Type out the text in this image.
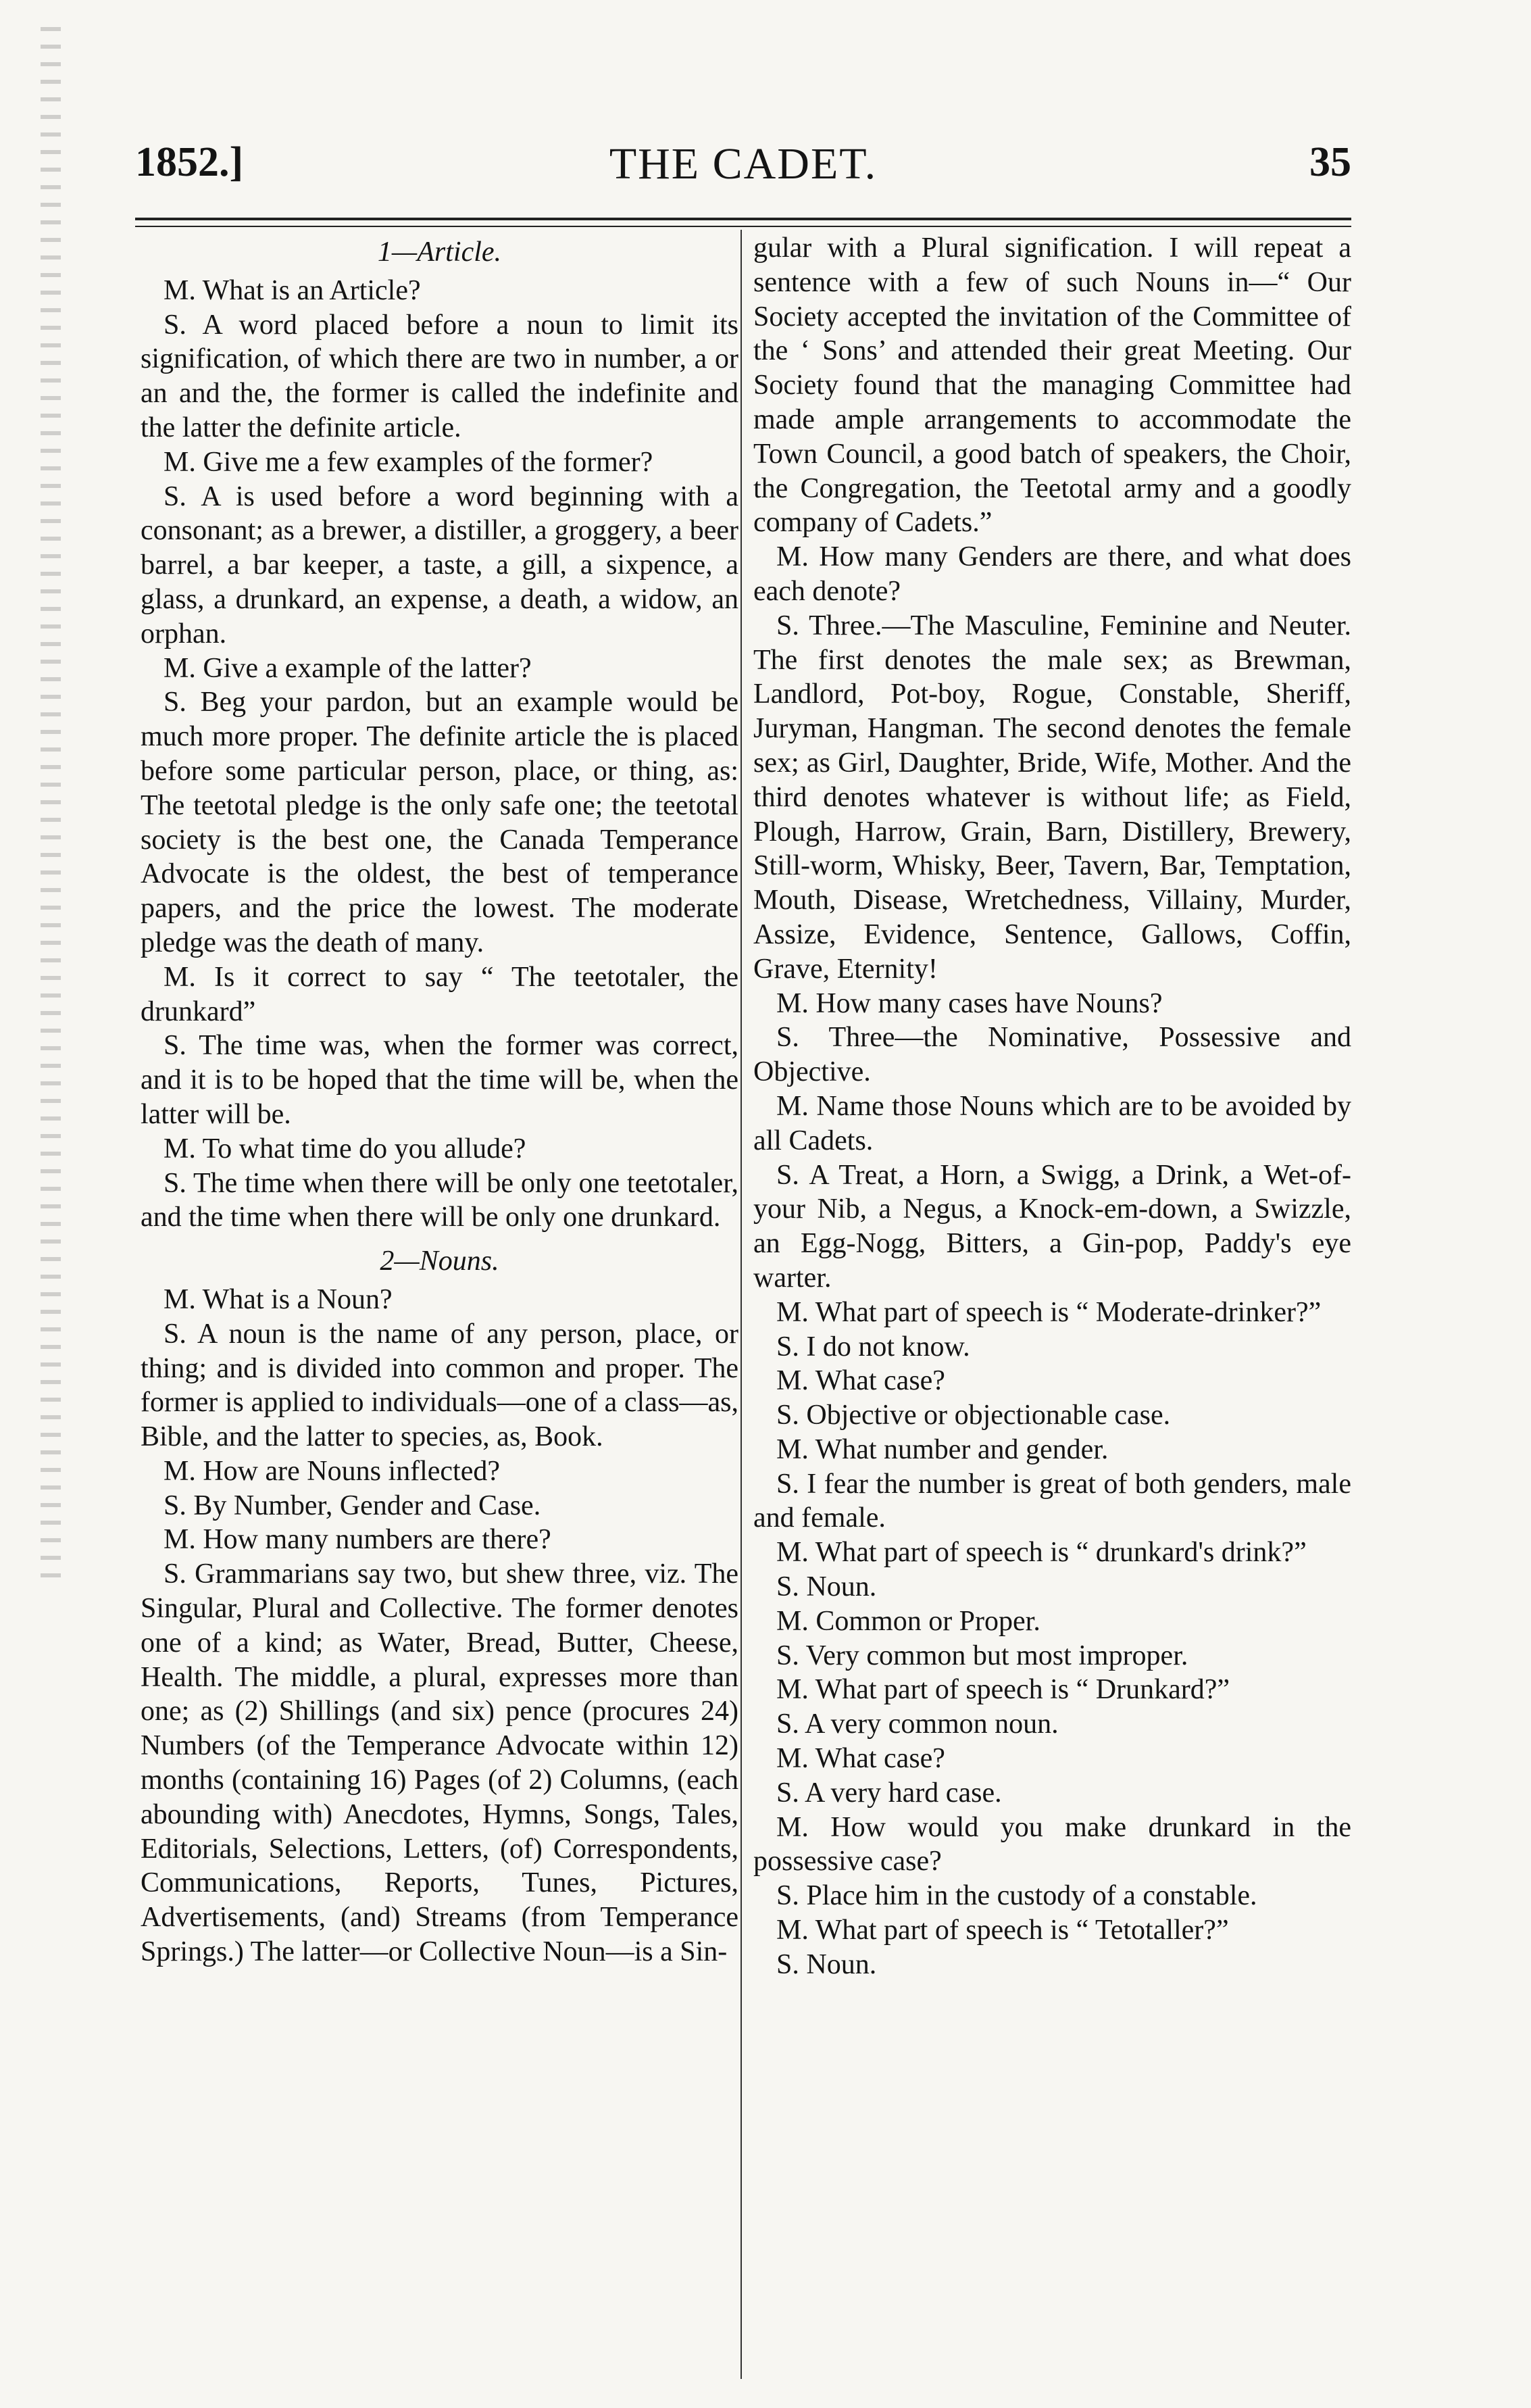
1852.]	THE CADET.	35

1—Article.

M. What is an Article?

S. A word placed before a noun to limit its signification, of which there are two in number, a or an and the, the former is called the indefinite and the latter the definite article.

M. Give me a few examples of the former?

S. A is used before a word beginning with a consonant; as a brewer, a distiller, a groggery, a beer barrel, a bar keeper, a taste, a gill, a sixpence, a glass, a drunkard, an expense, a death, a widow, an orphan.

M. Give a example of the latter?

S. Beg your pardon, but an example would be much more proper. The definite article the is placed before some particular person, place, or thing, as: The teetotal pledge is the only safe one; the teetotal society is the best one, the Canada Temperance Advocate is the oldest, the best of temperance papers, and the price the lowest. The moderate pledge was the death of many.

M. Is it correct to say “ The teetotaler, the drunkard”

S. The time was, when the former was correct, and it is to be hoped that the time will be, when the latter will be.

M. To what time do you allude?

S. The time when there will be only one teetotaler, and the time when there will be only one drunkard.

2—Nouns.

M. What is a Noun?

S. A noun is the name of any person, place, or thing; and is divided into common and proper. The former is applied to individuals—one of a class—as, Bible, and the latter to species, as, Book.

M. How are Nouns inflected?

S. By Number, Gender and Case.

M. How many numbers are there?

S. Grammarians say two, but shew three, viz. The Singular, Plural and Collective. The former denotes one of a kind; as Water, Bread, Butter, Cheese, Health. The middle, a plural, expresses more than one; as (2) Shillings (and six) pence (procures 24) Numbers (of the Temperance Advocate within 12) months (containing 16) Pages (of 2) Columns, (each abounding with) Anecdotes, Hymns, Songs, Tales, Editorials, Selections, Letters, (of) Correspondents, Communications, Reports, Tunes, Pictures, Advertisements, (and) Streams (from Temperance Springs.) The latter—or Collective Noun—is a Sin-

gular with a Plural signification. I will repeat a sentence with a few of such Nouns in—“ Our Society accepted the invitation of the Committee of the ‘ Sons’ and attended their great Meeting. Our Society found that the managing Committee had made ample arrangements to accommodate the Town Council, a good batch of speakers, the Choir, the Congregation, the Teetotal army and a goodly company of Cadets.”

M. How many Genders are there, and what does each denote?

S. Three.—The Masculine, Feminine and Neuter. The first denotes the male sex; as Brewman, Landlord, Pot-boy, Rogue, Constable, Sheriff, Juryman, Hangman. The second denotes the female sex; as Girl, Daughter, Bride, Wife, Mother. And the third denotes whatever is without life; as Field, Plough, Harrow, Grain, Barn, Distillery, Brewery, Still-worm, Whisky, Beer, Tavern, Bar, Temptation, Mouth, Disease, Wretchedness, Villainy, Murder, Assize, Evidence, Sentence, Gallows, Coffin, Grave, Eternity!

M. How many cases have Nouns?

S. Three—the Nominative, Possessive and Objective.

M. Name those Nouns which are to be avoided by all Cadets.

S. A Treat, a Horn, a Swigg, a Drink, a Wet-of-your Nib, a Negus, a Knock-em-down, a Swizzle, an Egg-Nogg, Bitters, a Gin-pop, Paddy's eye warter.

M. What part of speech is “ Moderate-drinker?”

S. I do not know.

M. What case?

S. Objective or objectionable case.

M. What number and gender.

S. I fear the number is great of both genders, male and female.

M. What part of speech is “ drunkard's drink?”

S. Noun.

M. Common or Proper.

S. Very common but most improper.

M. What part of speech is “ Drunkard?”

S. A very common noun.

M. What case?

S. A very hard case.

M. How would you make drunkard in the possessive case?

S. Place him in the custody of a constable.

M. What part of speech is “ Tetotaller?”

S. Noun.
